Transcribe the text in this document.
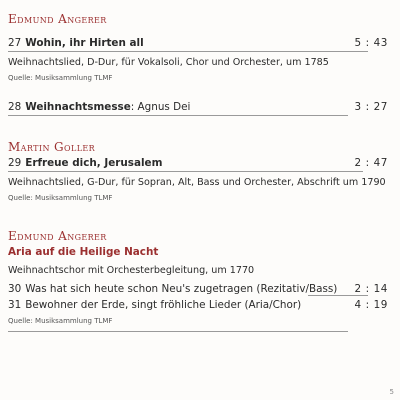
Edmund Angerer
27 Wohin, ihr Hirten all	5 : 43
Weihnachtslied, D-Dur, für Vokalsoli, Chor und Orchester, um 1785
Quelle: Musiksammlung TLMF
28 Weihnachtsmesse : Agnus Dei	3 : 27
Martin Goller
29 Erfreue dich, Jerusalem	2 : 47
Weihnachtslied, G-Dur, für Sopran, Alt, Bass und Orchester, Abschrift um 1790
Quelle: Musiksammlung TLMF
Edmund Angerer
Aria auf die Heilige Nacht
Weihnachtschor mit Orchesterbegleitung, um 1770
30 Was hat sich heute schon Neu's zugetragen (Rezitativ/Bass) 2 : 14
31 Bewohner der Erde, singt fröhliche Lieder (Aria/Chor)	4 : 19
Quelle: Musiksammlung TLMF
5
